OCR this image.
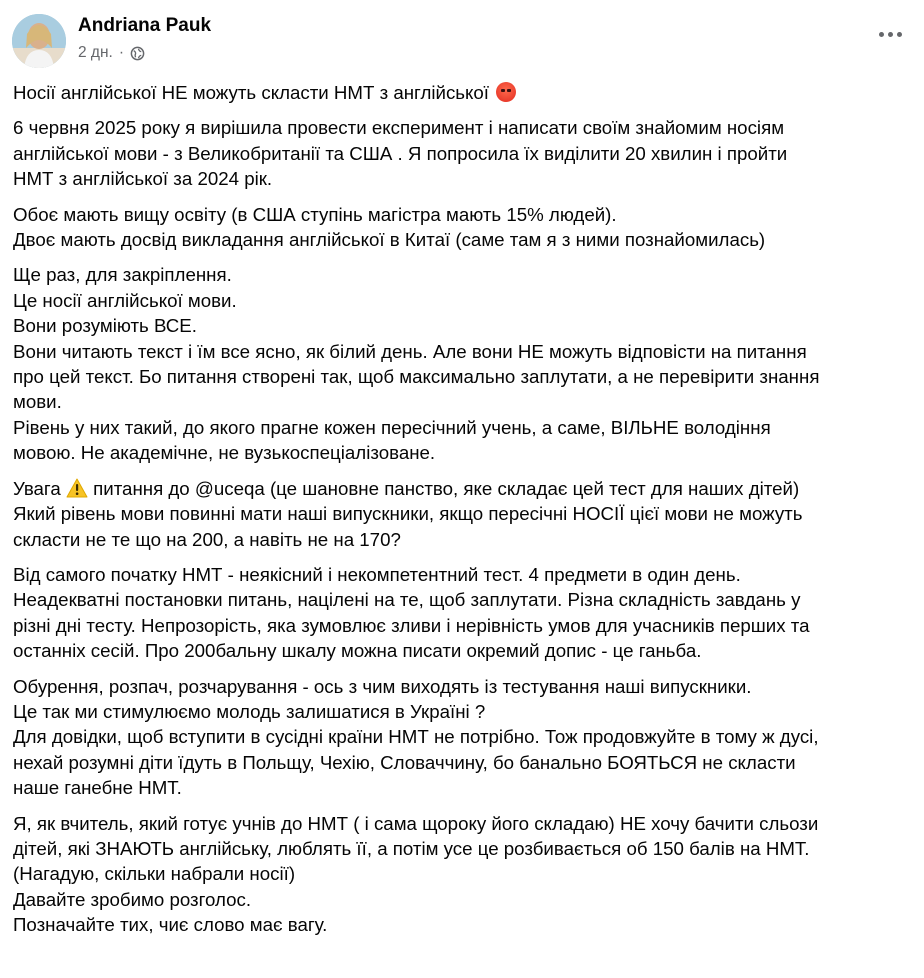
Andriana Pauk
2 дн. ·
Носії англійської НЕ можуть скласти НМТ з англійської
6 червня 2025 року я вирішила провести експеримент і написати своїм знайомим носіям
англійської мови - з Великобританії та США . Я попросила їх виділити 20 хвилин і пройти
НМТ з англійської за 2024 рік.
Обоє мають вищу освіту (в США ступінь магістра мають 15% людей).
Двоє мають досвід викладання англійської в Китаї (саме там я з ними познайомилась)
Ще раз, для закріплення.
Це носії англійської мови.
Вони розуміють ВСЕ.
Вони читають текст і їм все ясно, як білий день. Але вони НЕ можуть відповісти на питання
про цей текст. Бо питання створені так, щоб максимально заплутати, а не перевірити знання
мови.
Рівень у них такий, до якого прагне кожен пересічний учень, а саме, ВІЛЬНЕ володіння
мовою. Не академічне, не вузькоспеціалізоване.
Увага питання до @uceqa (це шановне панство, яке складає цей тест для наших дітей)
Який рівень мови повинні мати наші випускники, якщо пересічні НОСІЇ цієї мови не можуть
скласти не те що на 200, а навіть не на 170?
Від самого початку НМТ - неякісний і некомпетентний тест. 4 предмети в один день.
Неадекватні постановки питань, націлені на те, щоб заплутати. Різна складність завдань у
різні дні тесту. Непрозорість, яка зумовлює зливи і нерівність умов для учасників перших та
останніх сесій. Про 200бальну шкалу можна писати окремий допис - це ганьба.
Обурення, розпач, розчарування - ось з чим виходять із тестування наші випускники.
Це так ми стимулюємо молодь залишатися в Україні ?
Для довідки, щоб вступити в сусідні країни НМТ не потрібно. Тож продовжуйте в тому ж дусі,
нехай розумні діти їдуть в Польщу, Чехію, Словаччину, бо банально БОЯТЬСЯ не скласти
наше ганебне НМТ.
Я, як вчитель, який готує учнів до НМТ ( і сама щороку його складаю) НЕ хочу бачити сльози
дітей, які ЗНАЮТЬ англійську, люблять її, а потім усе це розбивається об 150 балів на НМТ.
(Нагадую, скільки набрали носії)
Давайте зробимо розголос.
Позначайте тих, чиє слово має вагу.
